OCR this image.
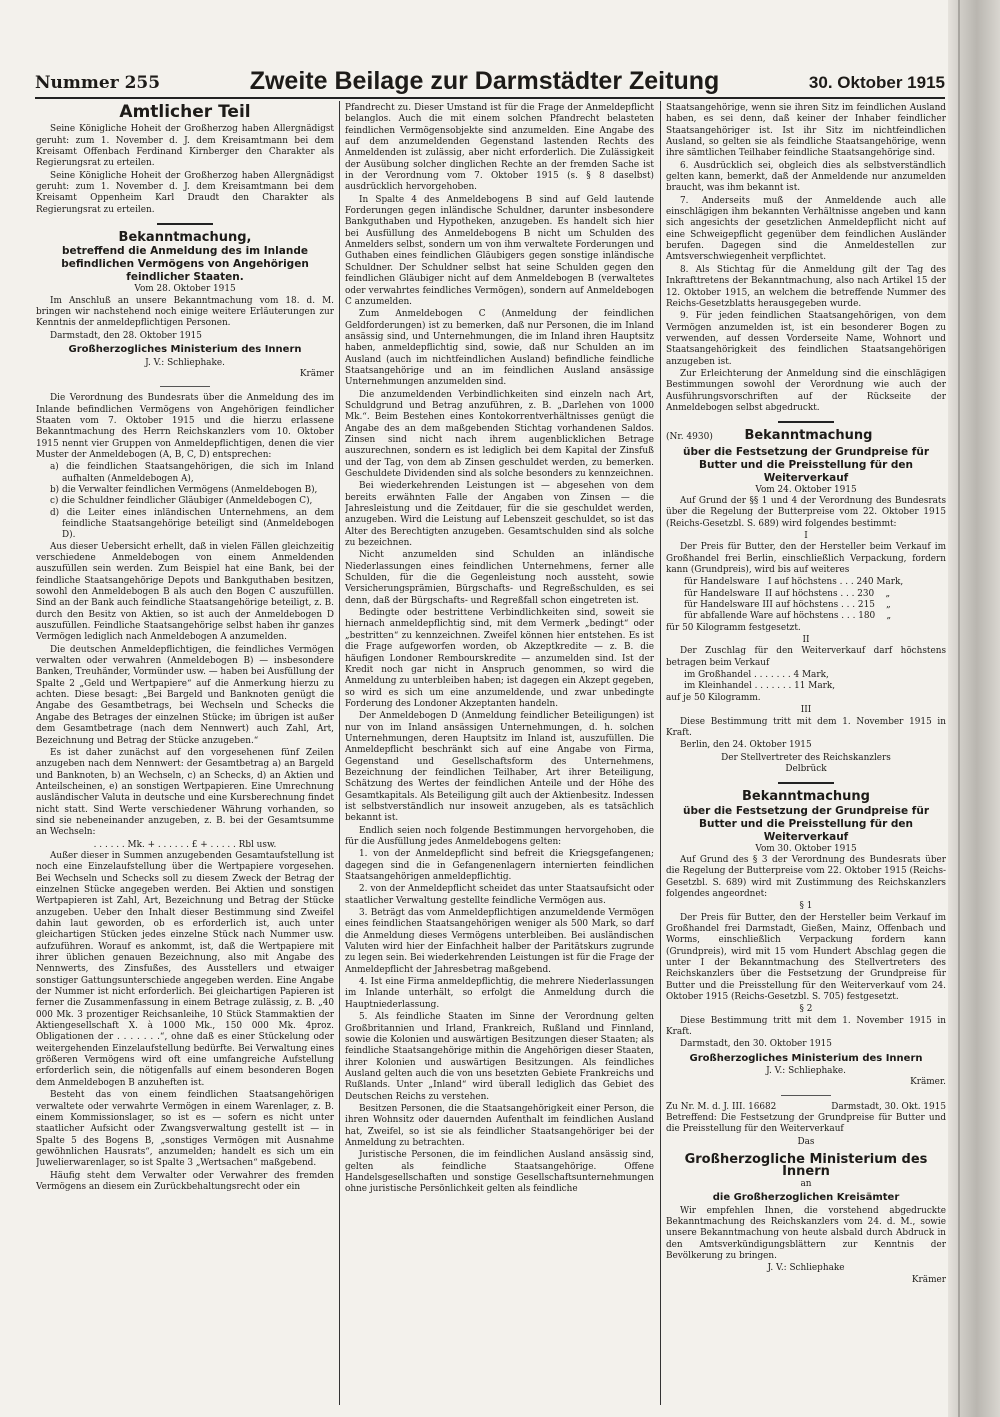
Nummer 255	Zweite Beilage zur Darmstädter Zeitung	30. Oktober 1915
Amtlicher Teil
Seine Königliche Hoheit der Großherzog haben Allergnädigst geruht: zum 1. November d. J. dem Kreisamtmann bei dem Kreisamt Offenbach Ferdinand Kirnberger den Charakter als Regierungsrat zu erteilen.
Seine Königliche Hoheit der Großherzog haben Allergnädigst geruht: zum 1. November d. J. dem Kreisamtmann bei dem Kreisamt Oppenheim Karl Draudt den Charakter als Regierungsrat zu erteilen.
Bekanntmachung,
betreffend die Anmeldung des im Inlande befindlichen Vermögens von Angehörigen feindlicher Staaten.
Vom 28. Oktober 1915
Im Anschluß an unsere Bekanntmachung vom 18. d. M. bringen wir nachstehend noch einige weitere Erläuterungen zur Kenntnis der anmeldepflichtigen Personen.
Darmstadt, den 28. Oktober 1915
Großherzogliches Ministerium des Innern
J. V.: Schliephake.
Krämer
Die Verordnung des Bundesrats über die Anmeldung des im Inlande befindlichen Vermögens von Angehörigen feindlicher Staaten vom 7. Oktober 1915 und die hierzu erlassene Bekanntmachung des Herrn Reichskanzlers vom 10. Oktober 1915 nennt vier Gruppen von Anmeldepflichtigen, denen die vier Muster der Anmeldebogen (A, B, C, D) entsprechen:
a) die feindlichen Staatsangehörigen, die sich im Inland aufhalten (Anmeldebogen A),
b) die Verwalter feindlichen Vermögens (Anmeldebogen B),
c) die Schuldner feindlicher Gläubiger (Anmeldebogen C),
d) die Leiter eines inländischen Unternehmens, an dem feindliche Staatsangehörige beteiligt sind (Anmeldebogen D).
Aus dieser Uebersicht erhellt, daß in vielen Fällen gleichzeitig verschiedene Anmeldebogen von einem Anmeldenden auszufüllen sein werden. Zum Beispiel hat eine Bank, bei der feindliche Staatsangehörige Depots und Bankguthaben besitzen, sowohl den Anmeldebogen B als auch den Bogen C auszufüllen. Sind an der Bank auch feindliche Staatsangehörige beteiligt, z. B. durch den Besitz von Aktien, so ist auch der Anmeldebogen D auszufüllen. Feindliche Staatsangehörige selbst haben ihr ganzes Vermögen lediglich nach Anmeldebogen A anzumelden.
Die deutschen Anmeldepflichtigen, die feindliches Vermögen verwalten oder verwahren (Anmeldebogen B) — insbesondere Banken, Treuhänder, Vormünder usw. — haben bei Ausfüllung der Spalte 2 „Geld und Wertpapiere“ auf die Anmerkung hierzu zu achten. Diese besagt: „Bei Bargeld und Banknoten genügt die Angabe des Gesamtbetrags, bei Wechseln und Schecks die Angabe des Betrages der einzelnen Stücke; im übrigen ist außer dem Gesamtbetrage (nach dem Nennwert) auch Zahl, Art, Bezeichnung und Betrag der Stücke anzugeben.“
Es ist daher zunächst auf den vorgesehenen fünf Zeilen anzugeben nach dem Nennwert: der Gesamtbetrag a) an Bargeld und Banknoten, b) an Wechseln, c) an Schecks, d) an Aktien und Anteilscheinen, e) an sonstigen Wertpapieren. Eine Umrechnung ausländischer Valuta in deutsche und eine Kursberechnung findet nicht statt. Sind Werte verschiedener Währung vorhanden, so sind sie nebeneinander anzugeben, z. B. bei der Gesamtsumme an Wechseln:
. . . . . . Mk. + . . . . . . £ + . . . . . Rbl usw.
Außer dieser in Summen anzugebenden Gesamtaufstellung ist noch eine Einzelaufstellung über die Wertpapiere vorgesehen. Bei Wechseln und Schecks soll zu diesem Zweck der Betrag der einzelnen Stücke angegeben werden. Bei Aktien und sonstigen Wertpapieren ist Zahl, Art, Bezeichnung und Betrag der Stücke anzugeben. Ueber den Inhalt dieser Bestimmung sind Zweifel dahin laut geworden, ob es erforderlich ist, auch unter gleichartigen Stücken jedes einzelne Stück nach Nummer usw. aufzuführen. Worauf es ankommt, ist, daß die Wertpapiere mit ihrer üblichen genauen Bezeichnung, also mit Angabe des Nennwerts, des Zinsfußes, des Ausstellers und etwaiger sonstiger Gattungsunterschiede angegeben werden. Eine Angabe der Nummer ist nicht erforderlich. Bei gleichartigen Papieren ist ferner die Zusammenfassung in einem Betrage zulässig, z. B. „40 000 Mk. 3 prozentiger Reichsanleihe, 10 Stück Stammaktien der Aktiengesellschaft X. à 1000 Mk., 150 000 Mk. 4proz. Obligationen der . . . . . . .“, ohne daß es einer Stückelung oder weitergehenden Einzelaufstellung bedürfte. Bei Verwaltung eines größeren Vermögens wird oft eine umfangreiche Aufstellung erforderlich sein, die nötigenfalls auf einem besonderen Bogen dem Anmeldebogen B anzuheften ist.
Besteht das von einem feindlichen Staatsangehörigen verwaltete oder verwahrte Vermögen in einem Warenlager, z. B. einem Kommissionslager, so ist es — sofern es nicht unter staatlicher Aufsicht oder Zwangsverwaltung gestellt ist — in Spalte 5 des Bogens B, „sonstiges Vermögen mit Ausnahme gewöhnlichen Hausrats“, anzumelden; handelt es sich um ein Juwelierwarenlager, so ist Spalte 3 „Wertsachen“ maßgebend.
Häufig steht dem Verwalter oder Verwahrer des fremden Vermögens an diesem ein Zurückbehaltungsrecht oder ein
Pfandrecht zu. Dieser Umstand ist für die Frage der Anmeldepflicht belanglos. Auch die mit einem solchen Pfandrecht belasteten feindlichen Vermögensobjekte sind anzumelden. Eine Angabe des auf dem anzumeldenden Gegenstand lastenden Rechts des Anmeldenden ist zulässig, aber nicht erforderlich. Die Zulässigkeit der Ausübung solcher dinglichen Rechte an der fremden Sache ist in der Verordnung vom 7. Oktober 1915 (s. § 8 daselbst) ausdrücklich hervorgehoben.
In Spalte 4 des Anmeldebogens B sind auf Geld lautende Forderungen gegen inländische Schuldner, darunter insbesondere Bankguthaben und Hypotheken, anzugeben. Es handelt sich hier bei Ausfüllung des Anmeldebogens B nicht um Schulden des Anmelders selbst, sondern um von ihm verwaltete Forderungen und Guthaben eines feindlichen Gläubigers gegen sonstige inländische Schuldner. Der Schuldner selbst hat seine Schulden gegen den feindlichen Gläubiger nicht auf dem Anmeldebogen B (verwaltetes oder verwahrtes feindliches Vermögen), sondern auf Anmeldebogen C anzumelden.
Zum Anmeldebogen C (Anmeldung der feindlichen Geldforderungen) ist zu bemerken, daß nur Personen, die im Inland ansässig sind, und Unternehmungen, die im Inland ihren Hauptsitz haben, anmeldepflichtig sind, sowie, daß nur Schulden an im Ausland (auch im nichtfeindlichen Ausland) befindliche feindliche Staatsangehörige und an im feindlichen Ausland ansässige Unternehmungen anzumelden sind.
Die anzumeldenden Verbindlichkeiten sind einzeln nach Art, Schuldgrund und Betrag anzuführen, z. B. „Darlehen von 1000 Mk.“. Beim Bestehen eines Kontokorrentverhältnisses genügt die Angabe des an dem maßgebenden Stichtag vorhandenen Saldos. Zinsen sind nicht nach ihrem augenblicklichen Betrage auszurechnen, sondern es ist lediglich bei dem Kapital der Zinsfuß und der Tag, von dem ab Zinsen geschuldet werden, zu bemerken. Geschuldete Dividenden sind als solche besonders zu kennzeichnen.
Bei wiederkehrenden Leistungen ist — abgesehen von dem bereits erwähnten Falle der Angaben von Zinsen — die Jahresleistung und die Zeitdauer, für die sie geschuldet werden, anzugeben. Wird die Leistung auf Lebenszeit geschuldet, so ist das Alter des Berechtigten anzugeben. Gesamtschulden sind als solche zu bezeichnen.
Nicht anzumelden sind Schulden an inländische Niederlassungen eines feindlichen Unternehmens, ferner alle Schulden, für die die Gegenleistung noch aussteht, sowie Versicherungsprämien, Bürgschafts- und Regreßschulden, es sei denn, daß der Bürgschafts- und Regreßfall schon eingetreten ist.
Bedingte oder bestrittene Verbindlichkeiten sind, soweit sie hiernach anmeldepflichtig sind, mit dem Vermerk „bedingt“ oder „bestritten“ zu kennzeichnen. Zweifel können hier entstehen. Es ist die Frage aufgeworfen worden, ob Akzeptkredite — z. B. die häufigen Londoner Rembourskredite — anzumelden sind. Ist der Kredit noch gar nicht in Anspruch genommen, so wird die Anmeldung zu unterbleiben haben; ist dagegen ein Akzept gegeben, so wird es sich um eine anzumeldende, und zwar unbedingte Forderung des Londoner Akzeptanten handeln.
Der Anmeldebogen D (Anmeldung feindlicher Beteiligungen) ist nur von im Inland ansässigen Unternehmungen, d. h. solchen Unternehmungen, deren Hauptsitz im Inland ist, auszufüllen. Die Anmeldepflicht beschränkt sich auf eine Angabe von Firma, Gegenstand und Gesellschaftsform des Unternehmens, Bezeichnung der feindlichen Teilhaber, Art ihrer Beteiligung, Schätzung des Wertes der feindlichen Anteile und der Höhe des Gesamtkapitals. Als Beteiligung gilt auch der Aktienbesitz. Indessen ist selbstverständlich nur insoweit anzugeben, als es tatsächlich bekannt ist.
Endlich seien noch folgende Bestimmungen hervorgehoben, die für die Ausfüllung jedes Anmeldebogens gelten:
1. von der Anmeldepflicht sind befreit die Kriegsgefangenen; dagegen sind die in Gefangenenlagern internierten feindlichen Staatsangehörigen anmeldepflichtig.
2. von der Anmeldepflicht scheidet das unter Staatsaufsicht oder staatlicher Verwaltung gestellte feindliche Vermögen aus.
3. Beträgt das vom Anmeldepflichtigen anzumeldende Vermögen eines feindlichen Staatsangehörigen weniger als 500 Mark, so darf die Anmeldung dieses Vermögens unterbleiben. Bei ausländischen Valuten wird hier der Einfachheit halber der Paritätskurs zugrunde zu legen sein. Bei wiederkehrenden Leistungen ist für die Frage der Anmeldepflicht der Jahresbetrag maßgebend.
4. Ist eine Firma anmeldepflichtig, die mehrere Niederlassungen im Inlande unterhält, so erfolgt die Anmeldung durch die Hauptniederlassung.
5. Als feindliche Staaten im Sinne der Verordnung gelten Großbritannien und Irland, Frankreich, Rußland und Finnland, sowie die Kolonien und auswärtigen Besitzungen dieser Staaten; als feindliche Staatsangehörige mithin die Angehörigen dieser Staaten, ihrer Kolonien und auswärtigen Besitzungen. Als feindliches Ausland gelten auch die von uns besetzten Gebiete Frankreichs und Rußlands. Unter „Inland“ wird überall lediglich das Gebiet des Deutschen Reichs zu verstehen.
Besitzen Personen, die die Staatsangehörigkeit einer Person, die ihren Wohnsitz oder dauernden Aufenthalt im feindlichen Ausland hat, Zweifel, so ist sie als feindlicher Staatsangehöriger bei der Anmeldung zu betrachten.
Juristische Personen, die im feindlichen Ausland ansässig sind, gelten als feindliche Staatsangehörige. Offene Handelsgesellschaften und sonstige Gesellschaftsunternehmungen ohne juristische Persönlichkeit gelten als feindliche
Staatsangehörige, wenn sie ihren Sitz im feindlichen Ausland haben, es sei denn, daß keiner der Inhaber feindlicher Staatsangehöriger ist. Ist ihr Sitz im nichtfeindlichen Ausland, so gelten sie als feindliche Staatsangehörige, wenn ihre sämtlichen Teilhaber feindliche Staatsangehörige sind.
6. Ausdrücklich sei, obgleich dies als selbstverständlich gelten kann, bemerkt, daß der Anmeldende nur anzumelden braucht, was ihm bekannt ist.
7. Anderseits muß der Anmeldende auch alle einschlägigen ihm bekannten Verhältnisse angeben und kann sich angesichts der gesetzlichen Anmeldepflicht nicht auf eine Schweigepflicht gegenüber dem feindlichen Ausländer berufen. Dagegen sind die Anmeldestellen zur Amtsverschwiegenheit verpflichtet.
8. Als Stichtag für die Anmeldung gilt der Tag des Inkrafttretens der Bekanntmachung, also nach Artikel 15 der 12. Oktober 1915, an welchem die betreffende Nummer des Reichs-Gesetzblatts herausgegeben wurde.
9. Für jeden feindlichen Staatsangehörigen, von dem Vermögen anzumelden ist, ist ein besonderer Bogen zu verwenden, auf dessen Vorderseite Name, Wohnort und Staatsangehörigkeit des feindlichen Staatsangehörigen anzugeben ist.
Zur Erleichterung der Anmeldung sind die einschlägigen Bestimmungen sowohl der Verordnung wie auch der Ausführungsvorschriften auf der Rückseite der Anmeldebogen selbst abgedruckt.
(Nr. 4930)	Bekanntmachung
über die Festsetzung der Grundpreise für Butter und die Preisstellung für den Weiterverkauf
Vom 24. Oktober 1915
Auf Grund der §§ 1 und 4 der Verordnung des Bundesrats über die Regelung der Butterpreise vom 22. Oktober 1915 (Reichs-Gesetzbl. S. 689) wird folgendes bestimmt:
I
Der Preis für Butter, den der Hersteller beim Verkauf im Großhandel frei Berlin, einschließlich Verpackung, fordern kann (Grundpreis), wird bis auf weiteres
für Handelsware   I auf höchstens . . . 240 Mark,
für Handelsware  II auf höchstens . . . 230    „
für Handelsware III auf höchstens . . . 215    „
für abfallende Ware auf höchstens . . . 180    „
für 50 Kilogramm festgesetzt.
II
Der Zuschlag für den Weiterverkauf darf höchstens betragen beim Verkauf
im Großhandel . . . . . . . 4 Mark,
im Kleinhandel . . . . . . . 11 Mark,
auf je 50 Kilogramm.
III
Diese Bestimmung tritt mit dem 1. November 1915 in Kraft.
Berlin, den 24. Oktober 1915
Der Stellvertreter des Reichskanzlers
Delbrück
Bekanntmachung
über die Festsetzung der Grundpreise für Butter und die Preisstellung für den Weiterverkauf
Vom 30. Oktober 1915
Auf Grund des § 3 der Verordnung des Bundesrats über die Regelung der Butterpreise vom 22. Oktober 1915 (Reichs-Gesetzbl. S. 689) wird mit Zustimmung des Reichskanzlers folgendes angeordnet:
§ 1
Der Preis für Butter, den der Hersteller beim Verkauf im Großhandel frei Darmstadt, Gießen, Mainz, Offenbach und Worms, einschließlich Verpackung fordern kann (Grundpreis), wird mit 15 vom Hundert Abschlag gegen die unter I der Bekanntmachung des Stellvertreters des Reichskanzlers über die Festsetzung der Grundpreise für Butter und die Preisstellung für den Weiterverkauf vom 24. Oktober 1915 (Reichs-Gesetzbl. S. 705) festgesetzt.
§ 2
Diese Bestimmung tritt mit dem 1. November 1915 in Kraft.
Darmstadt, den 30. Oktober 1915
Großherzogliches Ministerium des Innern
J. V.: Schliephake.
Krämer.
Zu Nr. M. d. J. III. 16682	Darmstadt, 30. Okt. 1915
Betreffend: Die Festsetzung der Grundpreise für Butter und die Preisstellung für den Weiterverkauf
Das
Großherzogliche Ministerium des Innern
an
die Großherzoglichen Kreisämter
Wir empfehlen Ihnen, die vorstehend abgedruckte Bekanntmachung des Reichskanzlers vom 24. d. M., sowie unsere Bekanntmachung von heute alsbald durch Abdruck in den Amtsverkündigungsblättern zur Kenntnis der Bevölkerung zu bringen.
J. V.: Schliephake
Krämer
